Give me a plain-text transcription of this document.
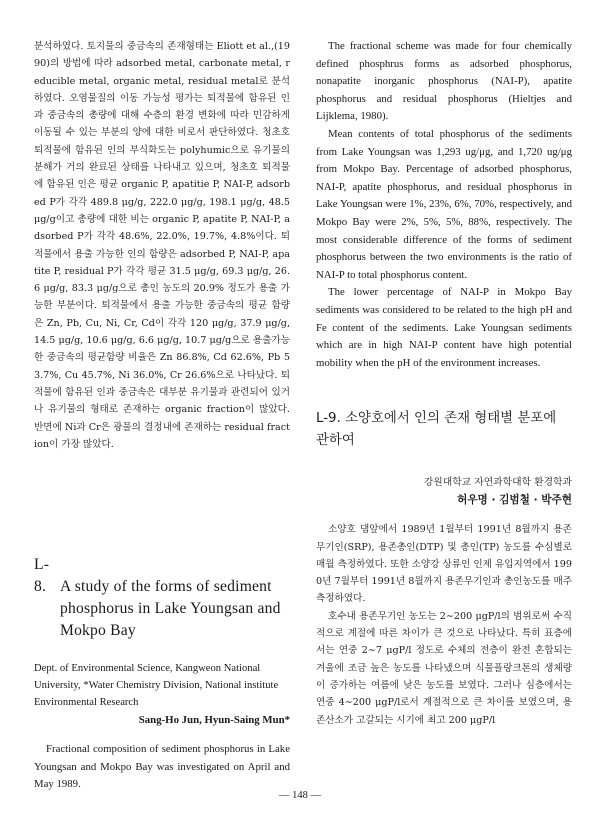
분석하였다. 토지물의 중금속의 존재형태는 Eliott et al.,(1990)의 방법에 따라 adsorbed metal, carbonate metal, reducible metal, organic metal, residual metal로 분석하였다. 오염물질의 이동 가능성 평가는 퇴적물에 함유된 인과 중금속의 총량에 대해 수층의 환경 변화에 따라 민감하게 이동될 수 있는 부분의 양에 대한 비로서 판단하였다. 청초호 퇴적물에 함유된 인의 부식화도는 polyhumic으로 유기물의 분해가 거의 완료된 상태를 나타내고 있으며, 청초호 퇴적물에 함유된 인은 평균 organic P, apatitie P, NAI-P, adsorbed P가 각각 489.8 μg/g, 222.0 μg/g, 198.1 μg/g, 48.5 μg/g이고 총량에 대한 비는 organic P, apatite P, NAI-P, adsorbed P가 각각 48.6%, 22.0%, 19.7%, 4.8%이다. 퇴적물에서 용출 가능한 인의 함량은 adsorbed P, NAI-P, apatite P, residual P가 각각 평균 31.5 μg/g, 69.3 μg/g, 26.6 μg/g, 83.3 μg/g으로 총인 농도의 20.9% 정도가 용출 가능한 부분이다. 퇴적물에서 용출 가능한 중금속의 평균 함량은 Zn, Pb, Cu, Ni, Cr, Cd이 각각 120 μg/g, 37.9 μg/g, 14.5 μg/g, 10.6 μg/g, 6.6 μg/g, 10.7 μg/g으로 용출가능한 중금속의 평균함량 비율은 Zn 86.8%, Cd 62.6%, Pb 53.7%, Cu 45.7%, Ni 36.0%, Cr 26.6%으로 나타났다. 퇴적물에 함유된 인과 중금속은 대부분 유기물과 관련되어 있거나 유기물의 형태로 존재하는 organic fraction이 많았다. 반면에 Ni과 Cr은 광물의 결정내에 존재하는 residual fraction이 가장 많았다.

L-8. A study of the forms of sediment phosphorus in Lake Youngsan and Mokpo Bay

Dept. of Environmental Science, Kangweon National University, *Water Chemistry Division, National institute Environmental Research

Sang-Ho Jun, Hyun-Saing Mun*

Fractional composition of sediment phosphorus in Lake Youngsan and Mokpo Bay was investigated on April and May 1989.

The fractional scheme was made for four chemically defined phosphrus forms as adsorbed phosphorus, nonapatite inorganic phosphorus (NAI-P), apatite phosphorus and residual phosphorus (Hieltjes and Lijklema, 1980).

Mean contents of total phosphorus of the sediments from Lake Youngsan was 1,293 ug/μg, and 1,720 ug/μg from Mokpo Bay. Percentage of adsorbed phosphorus, NAI-P, apatite phosphorus, and residual phosphorus in Lake Youngsan were 1%, 23%, 6%, 70%, respectively, and Mokpo Bay were 2%, 5%, 5%, 88%, respectively. The most considerable difference of the forms of sediment phosphorus between the two environments is the ratio of NAI-P to total phosphorus content.

The lower percentage of NAI-P in Mokpo Bay sediments was considered to be related to the high pH and Fe content of the sediments. Lake Youngsan sediments which are in high NAI-P content have high potential mobility when the pH of the environment increases.

L-9. 소양호에서 인의 존재 형태별 분포에 관하여

강원대학교 자연과학대학 환경학과

허우명 · 김범철 · 박주현

소양호 댐앞에서 1989년 1월부터 1991년 8월까지 용존무기인(SRP), 용존총인(DTP) 및 총인(TP) 농도를 수심별로 매월 측정하였다. 또한 소양강 상류인 인제 유입지역에서 1990년 7월부터 1991년 8월까지 용존무기인과 총인농도를 매주 측정하였다.

호수내 용존무기인 농도는 2∼200 μgP/l의 범위로써 수직적으로 계절에 따른 차이가 큰 것으로 나타났다. 특히 표층에서는 연중 2∼7 μgP/l 정도로 수체의 전층이 완전 혼합되는 겨울에 조금 높은 농도를 나타냈으며 식물플랑크톤의 생체량이 증가하는 여름에 낮은 농도를 보였다. 그러나 심층에서는 연중 4∼200 μgP/l로서 계절적으로 큰 차이를 보였으며, 용존산소가 고갈되는 시기에 최고 200 μgP/l

— 148 —
